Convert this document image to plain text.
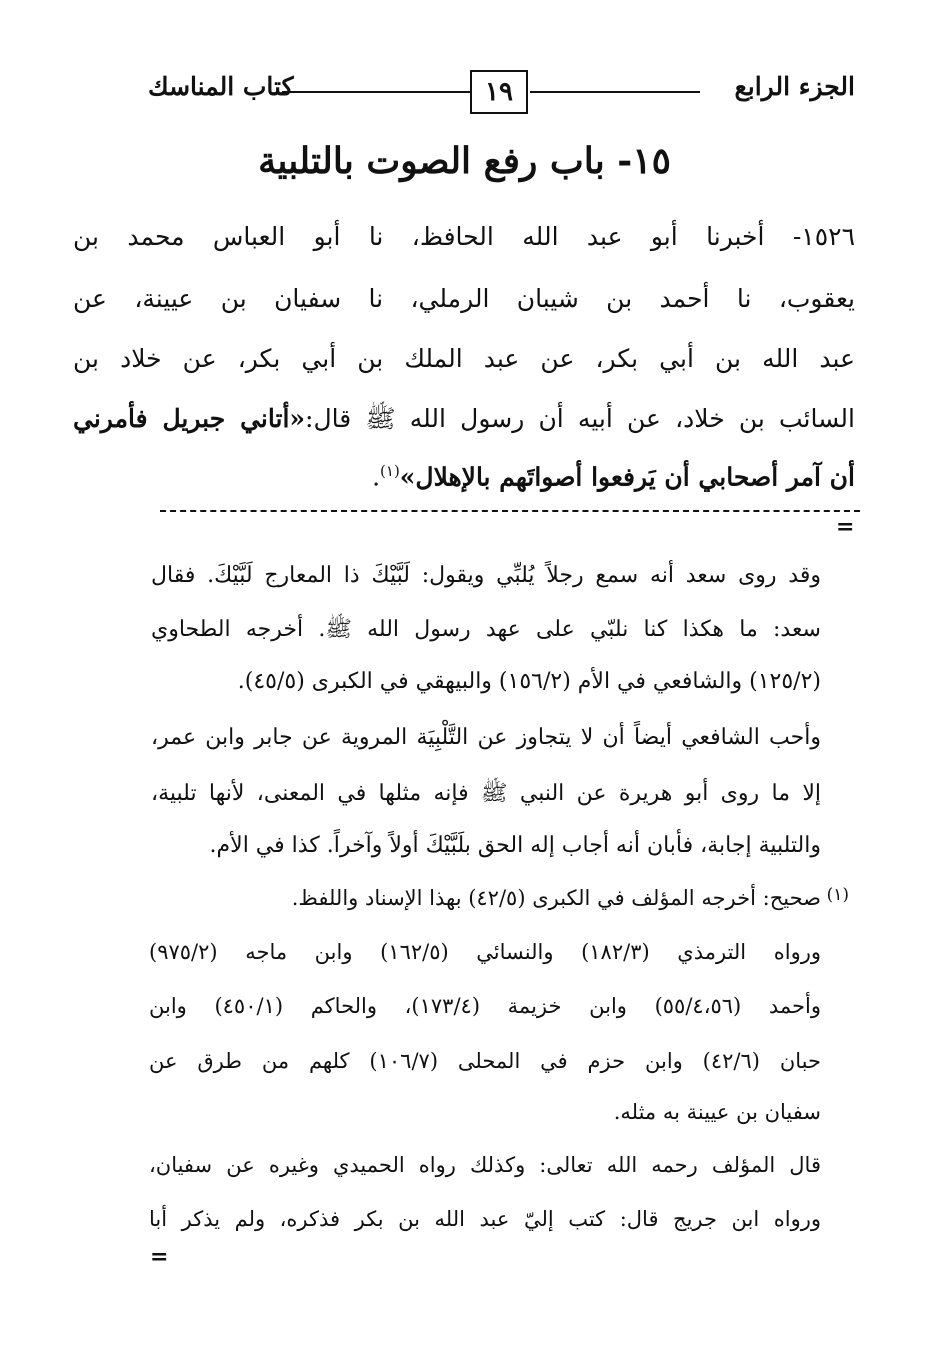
الجزء الرابع
١٩
كتاب المناسك
١٥- باب رفع الصوت بالتلبية
١٥٢٦- أخبرنا أبو عبد الله الحافظ، نا أبو العباس محمد بن
يعقوب، نا أحمد بن شيبان الرملي، نا سفيان بن عيينة، عن
عبد الله بن أبي بكر، عن عبد الملك بن أبي بكر، عن خلاد بن
السائب بن خلاد، عن أبيه أن رسول الله ﷺ قال:«أتاني جبريل فأمرني
أن آمر أصحابي أن يَرفعوا أصواتَهم بالإهلال»$^{(١)}$.
=
وقد روى سعد أنه سمع رجلاً يُلبِّي ويقول: لَبَّيْكَ ذا المعارج لَبَّيْكَ. فقال
سعد: ما هكذا كنا نلبّي على عهد رسول الله ﷺ. أخرجه الطحاوي
(١٢٥/٢) والشافعي في الأم (١٥٦/٢) والبيهقي في الكبرى (٤٥/٥).
وأحب الشافعي أيضاً أن لا يتجاوز عن التَّلْبِيَة المروية عن جابر وابن عمر،
إلا ما روى أبو هريرة عن النبي ﷺ فإنه مثلها في المعنى، لأنها تلبية،
والتلبية إجابة، فأبان أنه أجاب إله الحق بلَبَّيْكَ أولاً وآخراً. كذا في الأم.
(١)
صحيح: أخرجه المؤلف في الكبرى (٤٢/٥) بهذا الإسناد واللفظ.
ورواه الترمذي (١٨٢/٣) والنسائي (١٦٢/٥) وابن ماجه (٩٧٥/٢)
وأحمد (٥٥/٤،٥٦) وابن خزيمة (١٧٣/٤)، والحاكم (٤٥٠/١) وابن
حبان (٤٢/٦) وابن حزم في المحلى (١٠٦/٧) كلهم من طرق عن
سفيان بن عيينة به مثله.
قال المؤلف رحمه الله تعالى: وكذلك رواه الحميدي وغيره عن سفيان،
ورواه ابن جريج قال: كتب إليّ عبد الله بن بكر فذكره، ولم يذكر أبا
=
